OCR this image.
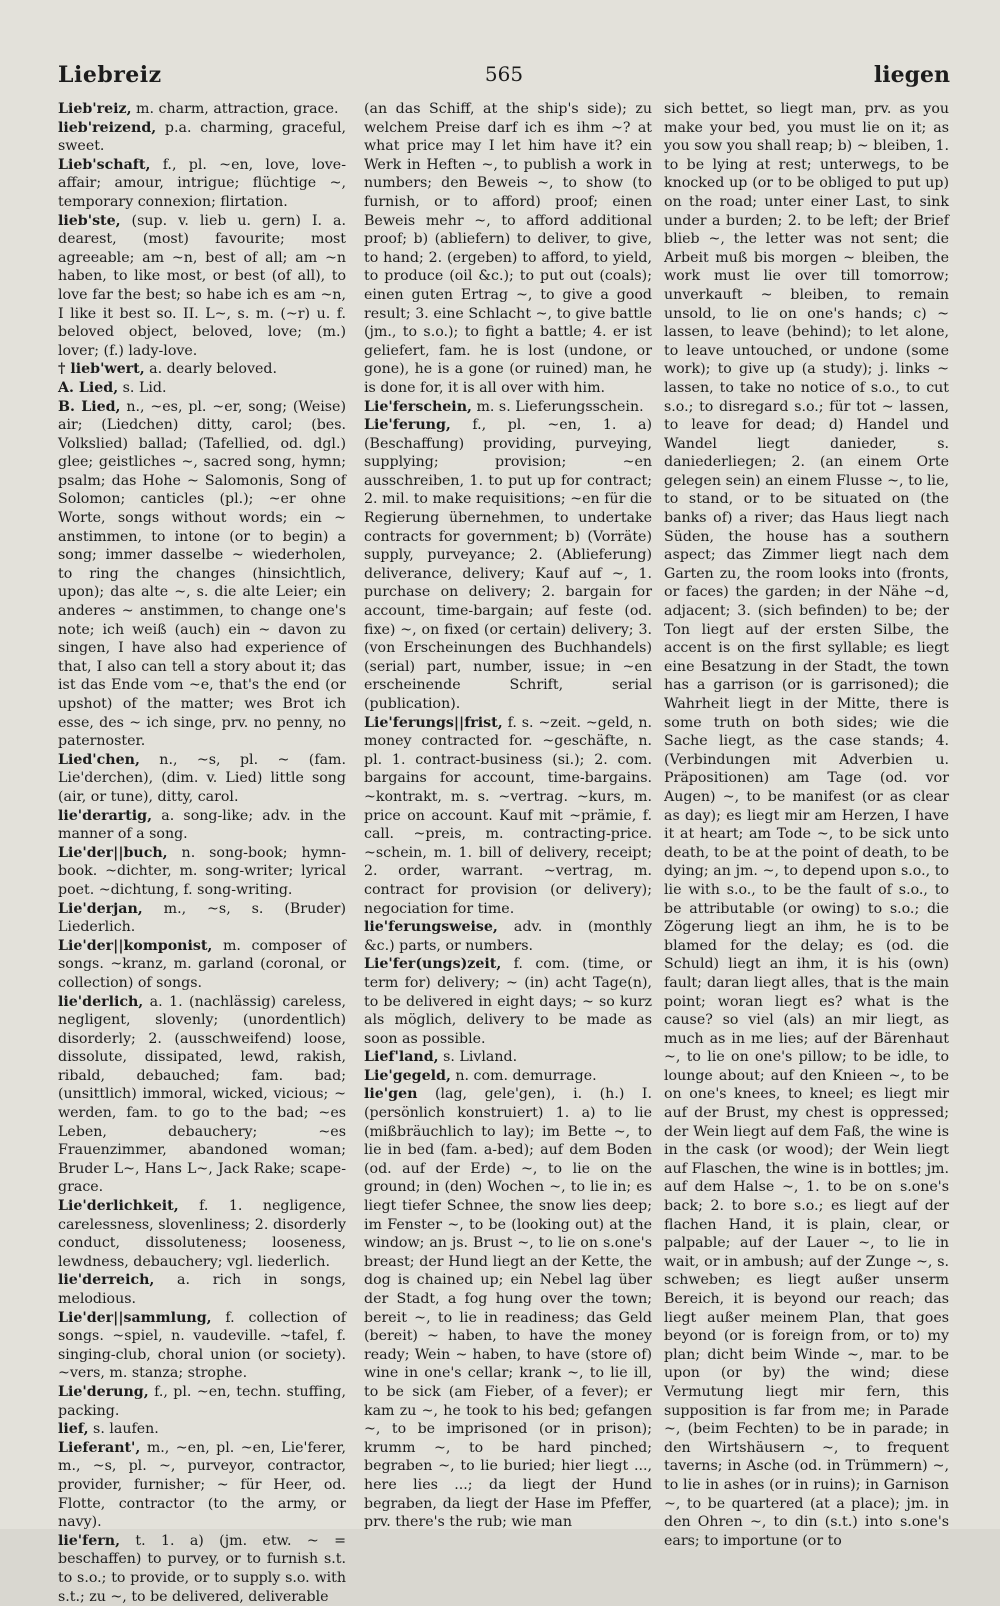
Liebreiz	565	liegen

Lieb'reiz, m. charm, attraction, grace.

lieb'reizend, p.a. charming, graceful, sweet.

Lieb'schaft, f., pl. ~en, love, love-affair; amour, intrigue; flüchtige ~, temporary connexion; flirtation.

lieb'ste, (sup. v. lieb u. gern) I. a. dearest, (most) favourite; most agreeable; am ~n, best of all; am ~n haben, to like most, or best (of all), to love far the best; so habe ich es am ~n, I like it best so. II. L~, s. m. (~r) u. f. beloved object, beloved, love; (m.) lover; (f.) lady-love.

† lieb'wert, a. dearly beloved.

A. Lied, s. Lid.

B. Lied, n., ~es, pl. ~er, song; (Weise) air; (Liedchen) ditty, carol; (bes. Volkslied) ballad; (Tafellied, od. dgl.) glee; geistliches ~, sacred song, hymn; psalm; das Hohe ~ Salomonis, Song of Solomon; canticles (pl.); ~er ohne Worte, songs without words; ein ~ anstimmen, to intone (or to begin) a song; immer dasselbe ~ wiederholen, to ring the changes (hinsichtlich, upon); das alte ~, s. die alte Leier; ein anderes ~ anstimmen, to change one's note; ich weiß (auch) ein ~ davon zu singen, I have also had experience of that, I also can tell a story about it; das ist das Ende vom ~e, that's the end (or upshot) of the matter; wes Brot ich esse, des ~ ich singe, prv. no penny, no paternoster.

Lied'chen, n., ~s, pl. ~ (fam. Lie'derchen), (dim. v. Lied) little song (air, or tune), ditty, carol.

lie'derartig, a. song-like; adv. in the manner of a song.

Lie'der||buch, n. song-book; hymn-book. ~dichter, m. song-writer; lyrical poet. ~dichtung, f. song-writing.

Lie'derjan, m., ~s, s. (Bruder) Liederlich.

Lie'der||komponist, m. composer of songs. ~kranz, m. garland (coronal, or collection) of songs.

lie'derlich, a. 1. (nachlässig) careless, negligent, slovenly; (unordentlich) disorderly; 2. (ausschweifend) loose, dissolute, dissipated, lewd, rakish, ribald, debauched; fam. bad; (unsittlich) immoral, wicked, vicious; ~ werden, fam. to go to the bad; ~es Leben, debauchery; ~es Frauenzimmer, abandoned woman; Bruder L~, Hans L~, Jack Rake; scape-grace.

Lie'derlichkeit, f. 1. negligence, carelessness, slovenliness; 2. disorderly conduct, dissoluteness; looseness, lewdness, debauchery; vgl. liederlich.

lie'derreich, a. rich in songs, melodious.

Lie'der||sammlung, f. collection of songs. ~spiel, n. vaudeville. ~tafel, f. singing-club, choral union (or society). ~vers, m. stanza; strophe.

Lie'derung, f., pl. ~en, techn. stuffing, packing.

lief, s. laufen.

Lieferant', m., ~en, pl. ~en, Lie'ferer, m., ~s, pl. ~, purveyor, contractor, provider, furnisher; ~ für Heer, od. Flotte, contractor (to the army, or navy).

lie'fern, t. 1. a) (jm. etw. ~ = beschaffen) to purvey, or to furnish s.t. to s.o.; to provide, or to supply s.o. with s.t.; zu ~, to be delivered, deliverable

(an das Schiff, at the ship's side); zu welchem Preise darf ich es ihm ~? at what price may I let him have it? ein Werk in Heften ~, to publish a work in numbers; den Beweis ~, to show (to furnish, or to afford) proof; einen Beweis mehr ~, to afford additional proof; b) (abliefern) to deliver, to give, to hand; 2. (ergeben) to afford, to yield, to produce (oil &c.); to put out (coals); einen guten Ertrag ~, to give a good result; 3. eine Schlacht ~, to give battle (jm., to s.o.); to fight a battle; 4. er ist geliefert, fam. he is lost (undone, or gone), he is a gone (or ruined) man, he is done for, it is all over with him.

Lie'ferschein, m. s. Lieferungsschein.

Lie'ferung, f., pl. ~en, 1. a) (Beschaffung) providing, purveying, supplying; provision; ~en ausschreiben, 1. to put up for contract; 2. mil. to make requisitions; ~en für die Regierung übernehmen, to undertake contracts for government; b) (Vorräte) supply, purveyance; 2. (Ablieferung) deliverance, delivery; Kauf auf ~, 1. purchase on delivery; 2. bargain for account, time-bargain; auf feste (od. fixe) ~, on fixed (or certain) delivery; 3. (von Erscheinungen des Buchhandels) (serial) part, number, issue; in ~en erscheinende Schrift, serial (publication).

Lie'ferungs||frist, f. s. ~zeit. ~geld, n. money contracted for. ~geschäfte, n. pl. 1. contract-business (si.); 2. com. bargains for account, time-bargains. ~kontrakt, m. s. ~vertrag. ~kurs, m. price on account. Kauf mit ~prämie, f. call. ~preis, m. contracting-price. ~schein, m. 1. bill of delivery, receipt; 2. order, warrant. ~vertrag, m. contract for provision (or delivery); negociation for time.

lie'ferungsweise, adv. in (monthly &c.) parts, or numbers.

Lie'fer(ungs)zeit, f. com. (time, or term for) delivery; ~ (in) acht Tage(n), to be delivered in eight days; ~ so kurz als möglich, delivery to be made as soon as possible.

Lief'land, s. Livland.

Lie'gegeld, n. com. demurrage.

lie'gen (lag, gele'gen), i. (h.) I. (persönlich konstruiert) 1. a) to lie (mißbräuchlich to lay); im Bette ~, to lie in bed (fam. a-bed); auf dem Boden (od. auf der Erde) ~, to lie on the ground; in (den) Wochen ~, to lie in; es liegt tiefer Schnee, the snow lies deep; im Fenster ~, to be (looking out) at the window; an js. Brust ~, to lie on s.one's breast; der Hund liegt an der Kette, the dog is chained up; ein Nebel lag über der Stadt, a fog hung over the town; bereit ~, to lie in readiness; das Geld (bereit) ~ haben, to have the money ready; Wein ~ haben, to have (store of) wine in one's cellar; krank ~, to lie ill, to be sick (am Fieber, of a fever); er kam zu ~, he took to his bed; gefangen ~, to be imprisoned (or in prison); krumm ~, to be hard pinched; begraben ~, to lie buried; hier liegt ..., here lies ...; da liegt der Hund begraben, da liegt der Hase im Pfeffer, prv. there's the rub; wie man

sich bettet, so liegt man, prv. as you make your bed, you must lie on it; as you sow you shall reap; b) ~ bleiben, 1. to be lying at rest; unterwegs, to be knocked up (or to be obliged to put up) on the road; unter einer Last, to sink under a burden; 2. to be left; der Brief blieb ~, the letter was not sent; die Arbeit muß bis morgen ~ bleiben, the work must lie over till tomorrow; unverkauft ~ bleiben, to remain unsold, to lie on one's hands; c) ~ lassen, to leave (behind); to let alone, to leave untouched, or undone (some work); to give up (a study); j. links ~ lassen, to take no notice of s.o., to cut s.o.; to disregard s.o.; für tot ~ lassen, to leave for dead; d) Handel und Wandel liegt danieder, s. daniederliegen; 2. (an einem Orte gelegen sein) an einem Flusse ~, to lie, to stand, or to be situated on (the banks of) a river; das Haus liegt nach Süden, the house has a southern aspect; das Zimmer liegt nach dem Garten zu, the room looks into (fronts, or faces) the garden; in der Nähe ~d, adjacent; 3. (sich befinden) to be; der Ton liegt auf der ersten Silbe, the accent is on the first syllable; es liegt eine Besatzung in der Stadt, the town has a garrison (or is garrisoned); die Wahrheit liegt in der Mitte, there is some truth on both sides; wie die Sache liegt, as the case stands; 4. (Verbindungen mit Adverbien u. Präpositionen) am Tage (od. vor Augen) ~, to be manifest (or as clear as day); es liegt mir am Herzen, I have it at heart; am Tode ~, to be sick unto death, to be at the point of death, to be dying; an jm. ~, to depend upon s.o., to lie with s.o., to be the fault of s.o., to be attributable (or owing) to s.o.; die Zögerung liegt an ihm, he is to be blamed for the delay; es (od. die Schuld) liegt an ihm, it is his (own) fault; daran liegt alles, that is the main point; woran liegt es? what is the cause? so viel (als) an mir liegt, as much as in me lies; auf der Bärenhaut ~, to lie on one's pillow; to be idle, to lounge about; auf den Knieen ~, to be on one's knees, to kneel; es liegt mir auf der Brust, my chest is oppressed; der Wein liegt auf dem Faß, the wine is in the cask (or wood); der Wein liegt auf Flaschen, the wine is in bottles; jm. auf dem Halse ~, 1. to be on s.one's back; 2. to bore s.o.; es liegt auf der flachen Hand, it is plain, clear, or palpable; auf der Lauer ~, to lie in wait, or in ambush; auf der Zunge ~, s. schweben; es liegt außer unserm Bereich, it is beyond our reach; das liegt außer meinem Plan, that goes beyond (or is foreign from, or to) my plan; dicht beim Winde ~, mar. to be upon (or by) the wind; diese Vermutung liegt mir fern, this supposition is far from me; in Parade ~, (beim Fechten) to be in parade; in den Wirtshäusern ~, to frequent taverns; in Asche (od. in Trümmern) ~, to lie in ashes (or in ruins); in Garnison ~, to be quartered (at a place); jm. in den Ohren ~, to din (s.t.) into s.one's ears; to importune (or to
